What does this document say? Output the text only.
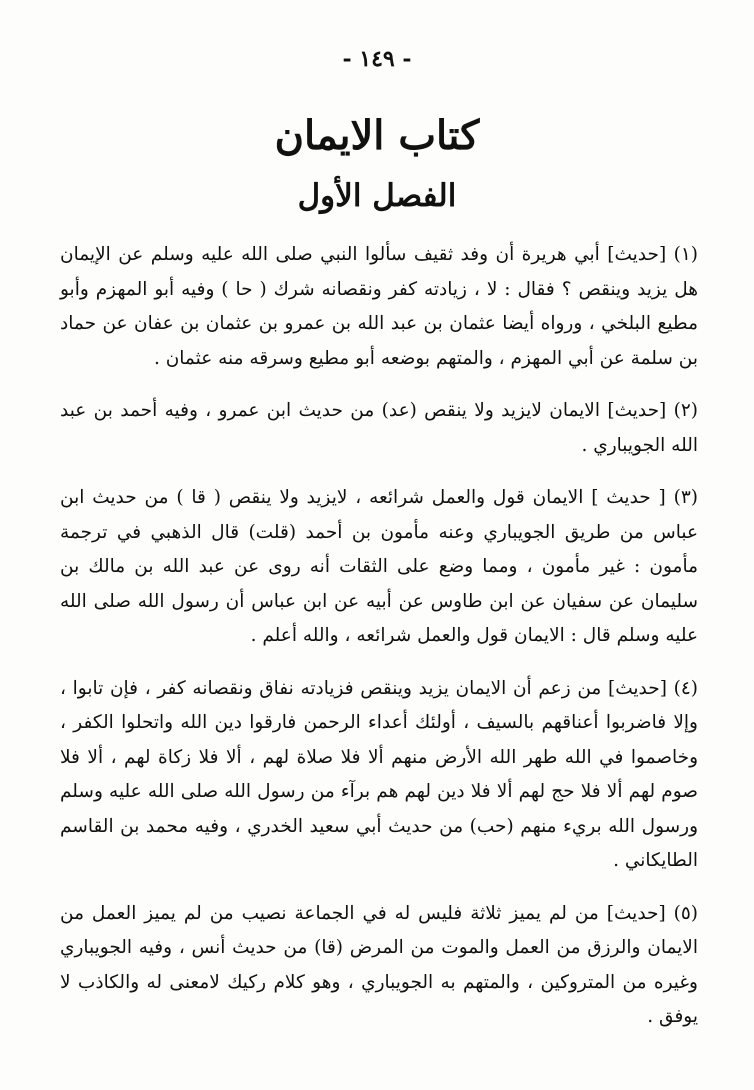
- ١٤٩ -
كتاب الايمان
الفصل الأول

(١) [حديث] أبي هريرة أن وفد ثقيف سألوا النبي صلى الله عليه وسلم عن الإيمان هل يزيد وينقص ؟ فقال : لا ، زيادته كفر ونقصانه شرك ( حا ) وفيه أبو المهزم وأبو مطيع البلخي ، ورواه أيضا عثمان بن عبد الله بن عمرو بن عثمان بن عفان عن حماد بن سلمة عن أبي المهزم ، والمتهم بوضعه أبو مطيع وسرقه منه عثمان .

(٢) [حديث] الايمان لايزيد ولا ينقص (عد) من حديث ابن عمرو ، وفيه أحمد بن عبد الله الجويباري .

(٣) [ حديث ] الايمان قول والعمل شرائعه ، لايزيد ولا ينقص ( قا ) من حديث ابن عباس من طريق الجويباري وعنه مأمون بن أحمد (قلت) قال الذهبي في ترجمة مأمون : غير مأمون ، ومما وضع على الثقات أنه روى عن عبد الله بن مالك بن سليمان عن سفيان عن ابن طاوس عن أبيه عن ابن عباس أن رسول الله صلى الله عليه وسلم قال : الايمان قول والعمل شرائعه ، والله أعلم .

(٤) [حديث] من زعم أن الايمان يزيد وينقص فزيادته نفاق ونقصانه كفر ، فإن تابوا ، وإلا فاضربوا أعناقهم بالسيف ، أولئك أعداء الرحمن فارقوا دين الله واتحلوا الكفر ، وخاصموا في الله طهر الله الأرض منهم ألا فلا صلاة لهم ، ألا فلا زكاة لهم ، ألا فلا صوم لهم ألا فلا حج لهم ألا فلا دين لهم هم برآء من رسول الله صلى الله عليه وسلم ورسول الله بريء منهم (حب) من حديث أبي سعيد الخدري ، وفيه محمد بن القاسم الطايكاني .

(٥) [حديث] من لم يميز ثلاثة فليس له في الجماعة نصيب من لم يميز العمل من الايمان والرزق من العمل والموت من المرض (قا) من حديث أنس ، وفيه الجويباري وغيره من المتروكين ، والمتهم به الجويباري ، وهو كلام ركيك لامعنى له والكاذب لا يوفق .
